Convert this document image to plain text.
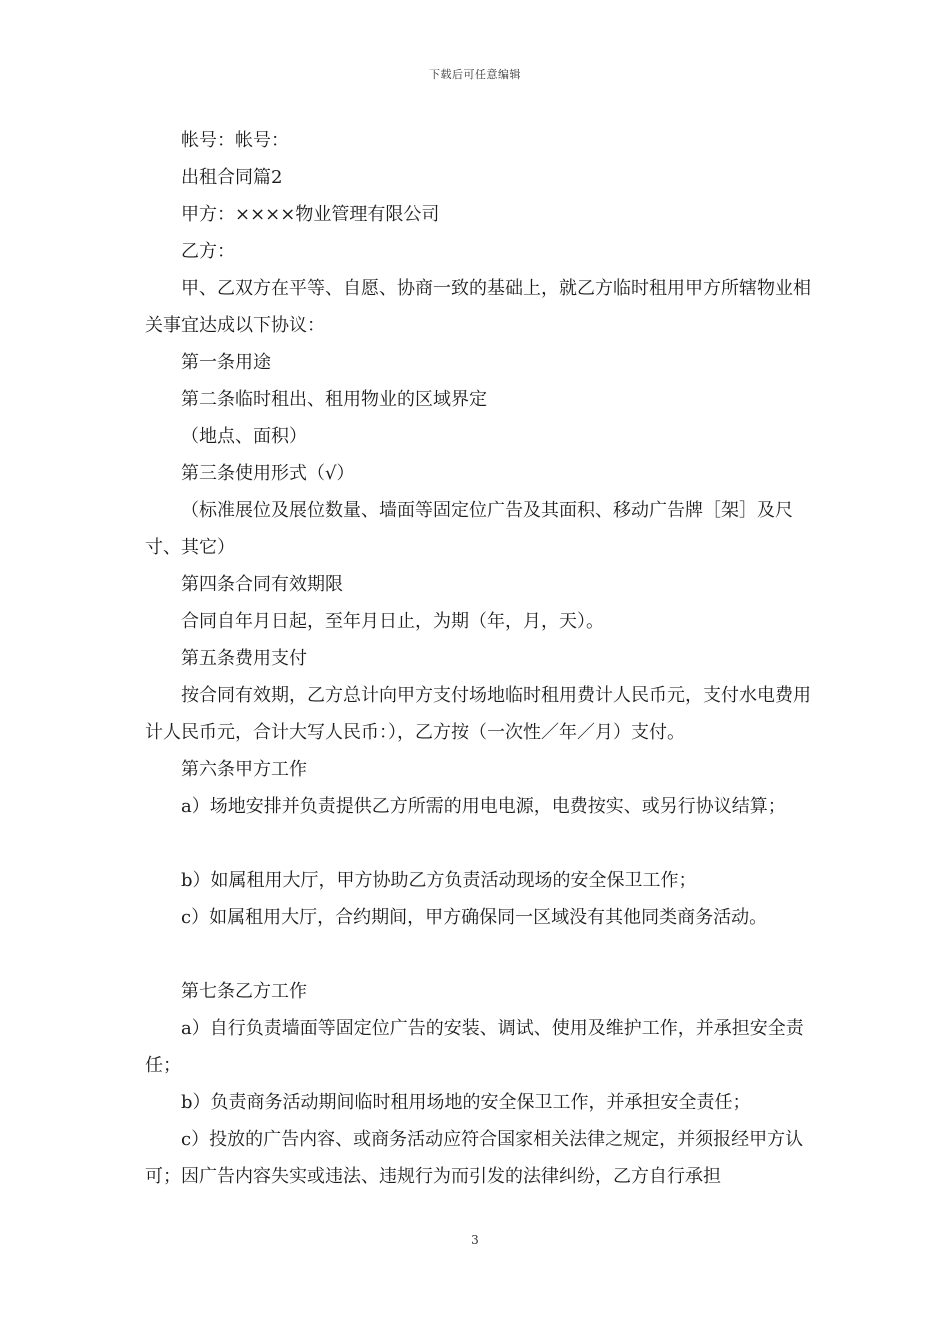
下载后可任意编辑

帐号：帐号：

出租合同篇2

甲方：××××物业管理有限公司

乙方：

甲、乙双方在平等、自愿、协商一致的基础上，就乙方临时租用甲方所辖物业相关事宜达成以下协议：

第一条用途

第二条临时租出、租用物业的区域界定

（地点、面积）

第三条使用形式（√）

（标准展位及展位数量、墙面等固定位广告及其面积、移动广告牌［架］及尺寸、其它）

第四条合同有效期限

合同自年月日起，至年月日止，为期（年，月，天）。

第五条费用支付

按合同有效期，乙方总计向甲方支付场地临时租用费计人民币元，支付水电费用计人民币元，合计大写人民币：），乙方按（一次性／年／月）支付。

第六条甲方工作

a）场地安排并负责提供乙方所需的用电电源，电费按实、或另行协议结算；

b）如属租用大厅，甲方协助乙方负责活动现场的安全保卫工作；

c）如属租用大厅，合约期间，甲方确保同一区域没有其他同类商务活动。

第七条乙方工作

a）自行负责墙面等固定位广告的安装、调试、使用及维护工作，并承担安全责任；

b）负责商务活动期间临时租用场地的安全保卫工作，并承担安全责任；

c）投放的广告内容、或商务活动应符合国家相关法律之规定，并须报经甲方认可；因广告内容失实或违法、违规行为而引发的法律纠纷，乙方自行承担

3
